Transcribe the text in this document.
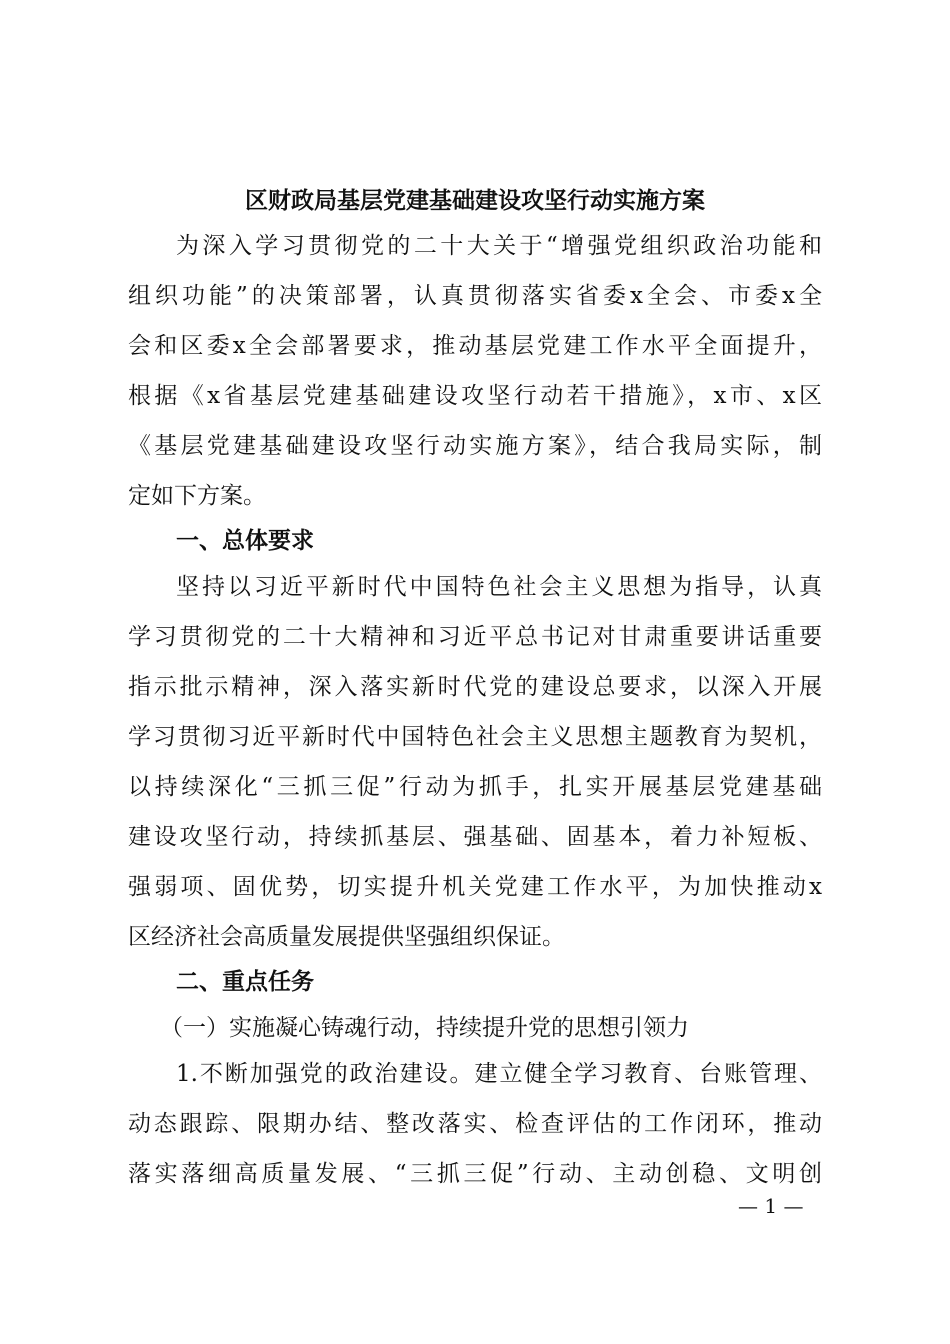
区财政局基层党建基础建设攻坚行动实施方案
为深入学习贯彻党的二十大关于“增强党组织政治功能和
组织功能”的决策部署，认真贯彻落实省委x全会、市委x全
会和区委x全会部署要求，推动基层党建工作水平全面提升，
根据《x省基层党建基础建设攻坚行动若干措施》，x市、x区
《基层党建基础建设攻坚行动实施方案》，结合我局实际，制
定如下方案。
一、总体要求
坚持以习近平新时代中国特色社会主义思想为指导，认真
学习贯彻党的二十大精神和习近平总书记对甘肃重要讲话重要
指示批示精神，深入落实新时代党的建设总要求，以深入开展
学习贯彻习近平新时代中国特色社会主义思想主题教育为契机，
以持续深化“三抓三促”行动为抓手，扎实开展基层党建基础
建设攻坚行动，持续抓基层、强基础、固基本，着力补短板、
强弱项、固优势，切实提升机关党建工作水平，为加快推动x
区经济社会高质量发展提供坚强组织保证。
二、重点任务
（一）实施凝心铸魂行动，持续提升党的思想引领力
1.不断加强党的政治建设。建立健全学习教育、台账管理、
动态跟踪、限期办结、整改落实、检查评估的工作闭环，推动
落实落细高质量发展、“三抓三促”行动、主动创稳、文明创
— 1 —
